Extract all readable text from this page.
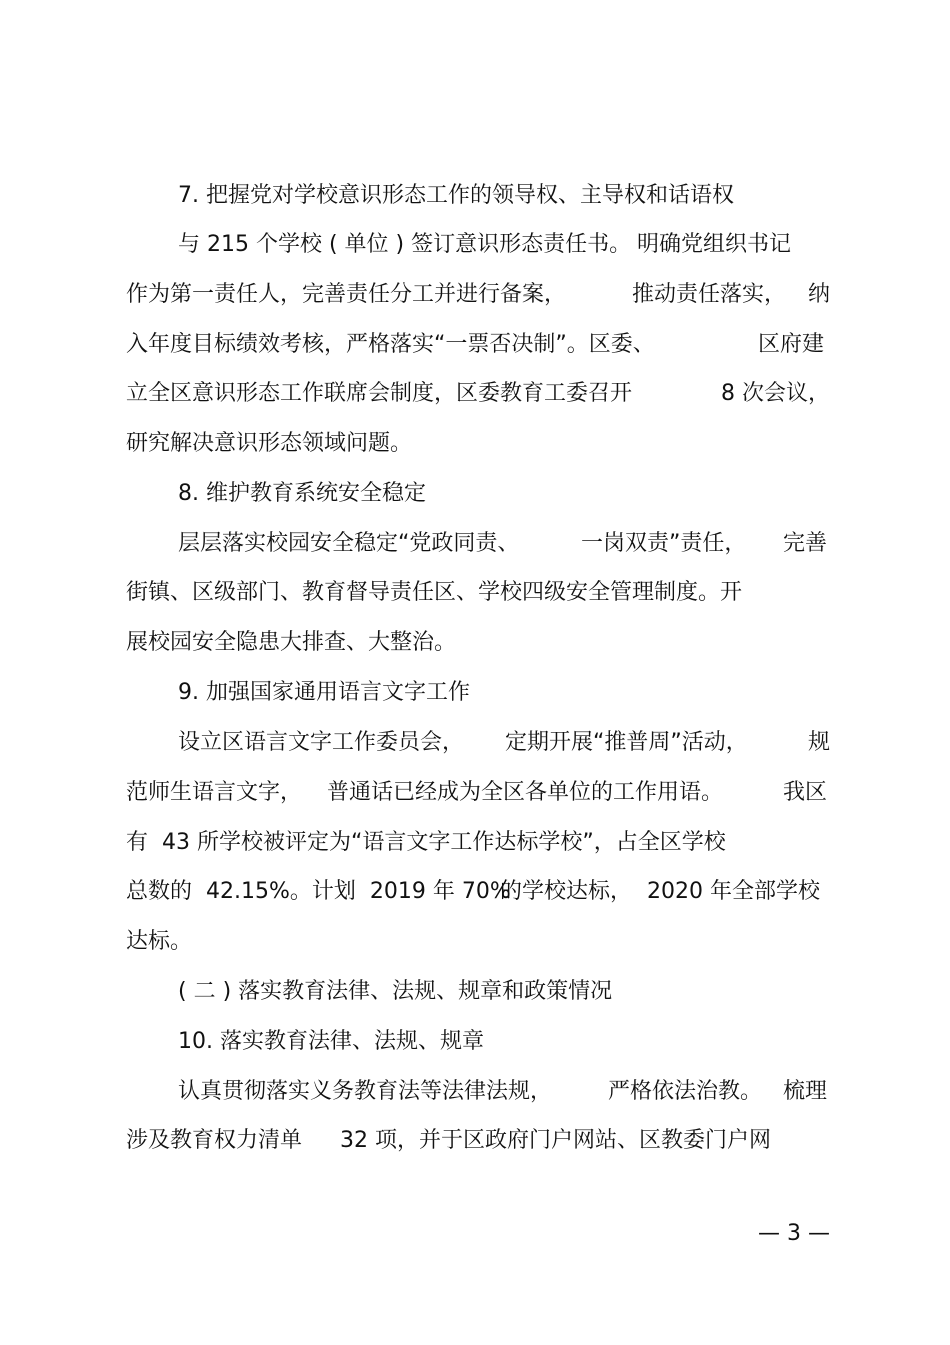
7. 把握党对学校意识形态工作的领导权、主导权和话语权

与 215 个学校 ( 单位 ) 签订意识形态责任书。

明确党组织书记

作为第一责任人，完善责任分工并进行备案，

	推动责任落实，

纳

入年度目标绩效考核，严格落实“一票否决制”。区委、

	区府建

立全区意识形态工作联席会制度，区委教育工委召开

	8 次会议，

研究解决意识形态领域问题。

8. 维护教育系统安全稳定

层层落实校园安全稳定“党政同责、

	一岗双责”责任，

完善

街镇、区级部门、教育督导责任区、学校四级安全管理制度。开

展校园安全隐患大排查、大整治。

9. 加强国家通用语言文字工作

设立区语言文字工作委员会，

定期开展“推普周”活动，

	规

范师生语言文字，

普通话已经成为全区各单位的工作用语。

	我区

有  43 所学校被评定为“语言文字工作达标学校”，占全区学校

总数的  42.15%。计划  2019 年 70%

的学校达标，

2020 年全部学校

达标。

( 二 ) 落实教育法律、法规、规章和政策情况

10. 落实教育法律、法规、规章

认真贯彻落实义务教育法等法律法规，

	严格依法治教。

梳理

涉及教育权力清单

32 项，并于区政府门户网站、区教委门户网

— 3 —
